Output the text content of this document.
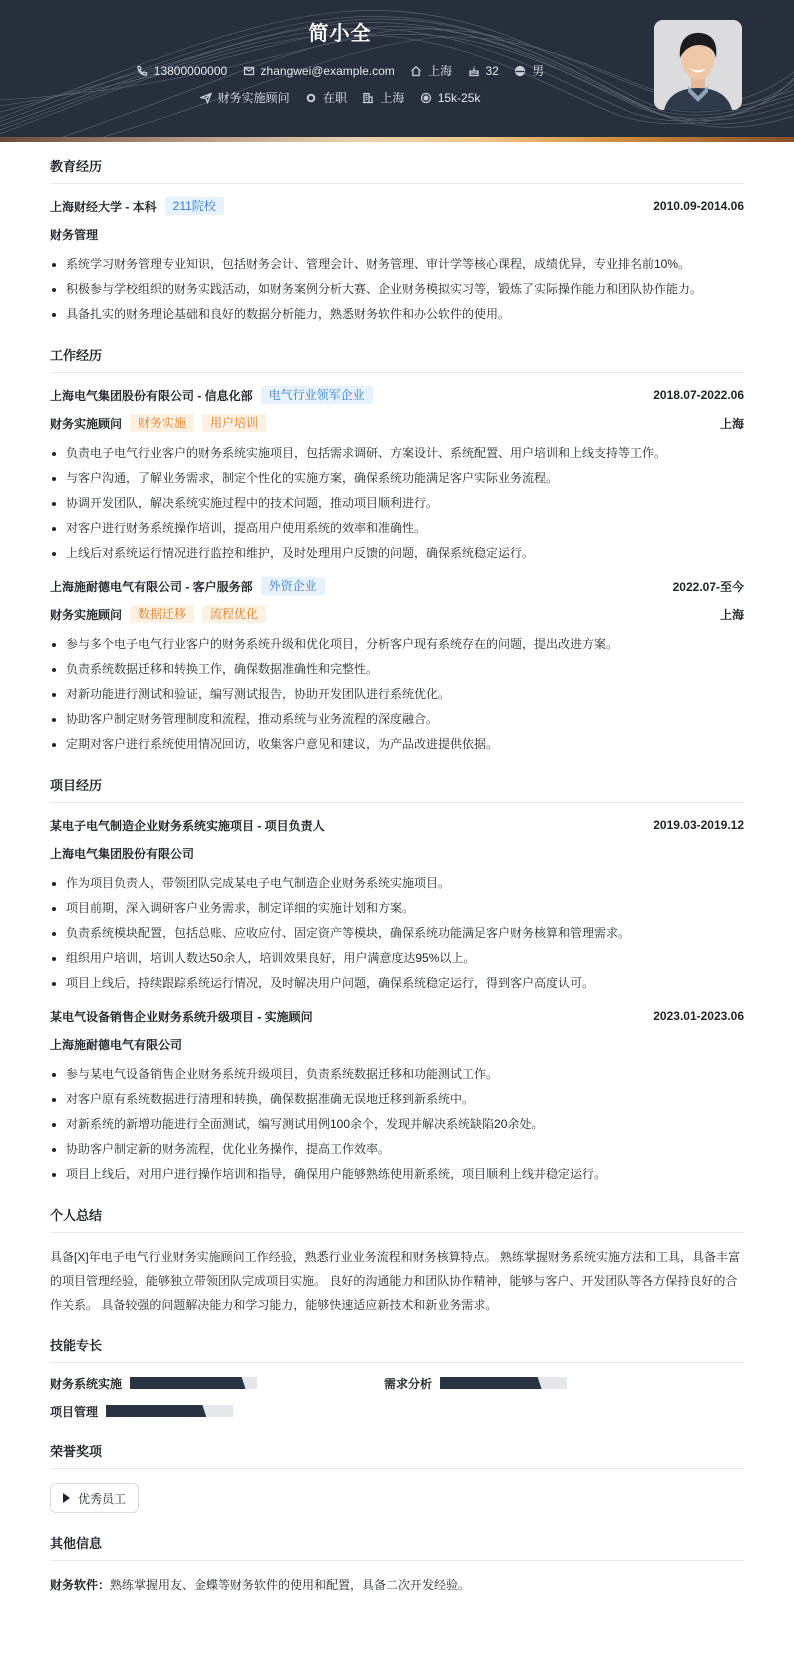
简小全
13800000000
	zhangwei@example.com
	上海
	32
	男
财务实施顾问
	在职
	上海
	15k-25k
教育经历
上海财经大学 - 本科	211院校	2010.09-2014.06
财务管理
系统学习财务管理专业知识，包括财务会计、管理会计、财务管理、审计学等核心课程，成绩优异，专业排名前10%。
积极参与学校组织的财务实践活动，如财务案例分析大赛、企业财务模拟实习等，锻炼了实际操作能力和团队协作能力。
具备扎实的财务理论基础和良好的数据分析能力，熟悉财务软件和办公软件的使用。
工作经历
上海电气集团股份有限公司 - 信息化部	电气行业领军企业	2018.07-2022.06
财务实施顾问	财务实施	用户培训	上海
负责电子电气行业客户的财务系统实施项目，包括需求调研、方案设计、系统配置、用户培训和上线支持等工作。
与客户沟通，了解业务需求，制定个性化的实施方案，确保系统功能满足客户实际业务流程。
协调开发团队，解决系统实施过程中的技术问题，推动项目顺利进行。
对客户进行财务系统操作培训，提高用户使用系统的效率和准确性。
上线后对系统运行情况进行监控和维护，及时处理用户反馈的问题，确保系统稳定运行。
上海施耐德电气有限公司 - 客户服务部	外资企业	2022.07-至今
财务实施顾问	数据迁移	流程优化	上海
参与多个电子电气行业客户的财务系统升级和优化项目，分析客户现有系统存在的问题，提出改进方案。
负责系统数据迁移和转换工作，确保数据准确性和完整性。
对新功能进行测试和验证，编写测试报告，协助开发团队进行系统优化。
协助客户制定财务管理制度和流程，推动系统与业务流程的深度融合。
定期对客户进行系统使用情况回访，收集客户意见和建议，为产品改进提供依据。
项目经历
某电子电气制造企业财务系统实施项目 - 项目负责人	2019.03-2019.12
上海电气集团股份有限公司
作为项目负责人，带领团队完成某电子电气制造企业财务系统实施项目。
项目前期，深入调研客户业务需求，制定详细的实施计划和方案。
负责系统模块配置，包括总账、应收应付、固定资产等模块，确保系统功能满足客户财务核算和管理需求。
组织用户培训，培训人数达50余人，培训效果良好，用户满意度达95%以上。
项目上线后，持续跟踪系统运行情况，及时解决用户问题，确保系统稳定运行，得到客户高度认可。
某电气设备销售企业财务系统升级项目 - 实施顾问	2023.01-2023.06
上海施耐德电气有限公司
参与某电气设备销售企业财务系统升级项目，负责系统数据迁移和功能测试工作。
对客户原有系统数据进行清理和转换，确保数据准确无误地迁移到新系统中。
对新系统的新增功能进行全面测试，编写测试用例100余个，发现并解决系统缺陷20余处。
协助客户制定新的财务流程，优化业务操作，提高工作效率。
项目上线后，对用户进行操作培训和指导，确保用户能够熟练使用新系统，项目顺利上线并稳定运行。
个人总结

具备[X]年电子电气行业财务实施顾问工作经验，熟悉行业业务流程和财务核算特点。 熟练掌握财务系统实施方法和工具，具备丰富的项目管理经验，能够独立带领团队完成项目实施。 良好的沟通能力和团队协作精神，能够与客户、开发团队等各方保持良好的合作关系。 具备较强的问题解决能力和学习能力，能够快速适应新技术和新业务需求。

技能专长
财务系统实施	需求分析
项目管理
荣誉奖项
优秀员工
其他信息

财务软件：熟练掌握用友、金蝶等财务软件的使用和配置，具备二次开发经验。
